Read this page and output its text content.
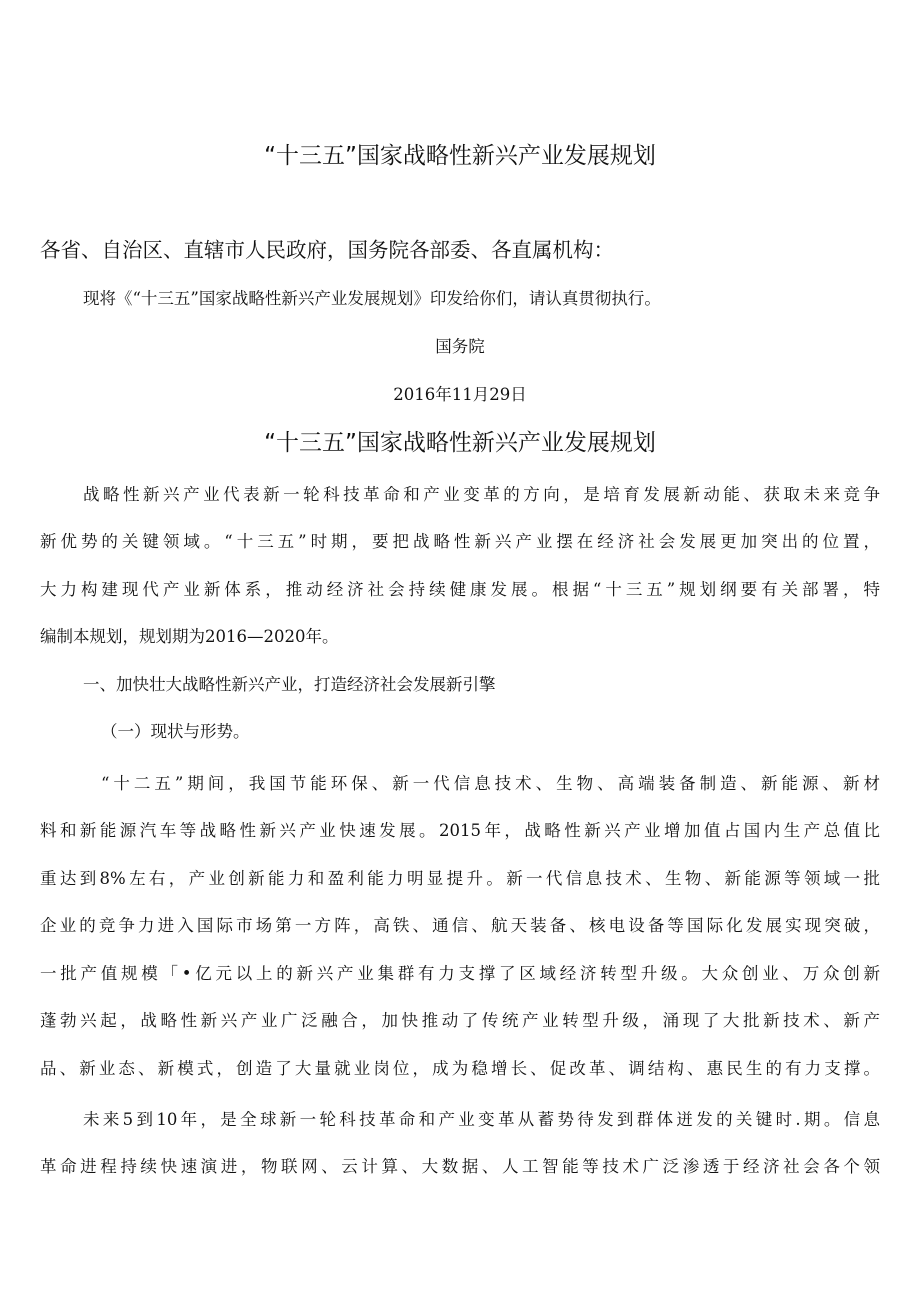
“十三五”国家战略性新兴产业发展规划
各省、自治区、直辖市人民政府，国务院各部委、各直属机构：
现将《“十三五”国家战略性新兴产业发展规划》印发给你们，请认真贯彻执行。
国务院
2016年11月29日
“十三五”国家战略性新兴产业发展规划
战略性新兴产业代表新一轮科技革命和产业变革的方向，是培育发展新动能、获取未来竞争
新优势的关键领域。“十三五”时期，要把战略性新兴产业摆在经济社会发展更加突出的位置，
大力构建现代产业新体系，推动经济社会持续健康发展。根据“十三五”规划纲要有关部署，特
编制本规划，规划期为2016—2020年。
一、加快壮大战略性新兴产业，打造经济社会发展新引擎
（一）现状与形势。
“十二五”期间，我国节能环保、新一代信息技术、生物、高端装备制造、新能源、新材
料和新能源汽车等战略性新兴产业快速发展。2015年，战略性新兴产业增加值占国内生产总值比
重达到8%左右，产业创新能力和盈利能力明显提升。新一代信息技术、生物、新能源等领域一批
企业的竞争力进入国际市场第一方阵，高铁、通信、航天装备、核电设备等国际化发展实现突破，
一批产值规模「•亿元以上的新兴产业集群有力支撑了区域经济转型升级。大众创业、万众创新
蓬勃兴起，战略性新兴产业广泛融合，加快推动了传统产业转型升级，涌现了大批新技术、新产
品、新业态、新模式，创造了大量就业岗位，成为稳增长、促改革、调结构、惠民生的有力支撑。
未来5到10年，是全球新一轮科技革命和产业变革从蓄势待发到群体迸发的关键时.期。信息
革命进程持续快速演进，物联网、云计算、大数据、人工智能等技术广泛渗透于经济社会各个领
